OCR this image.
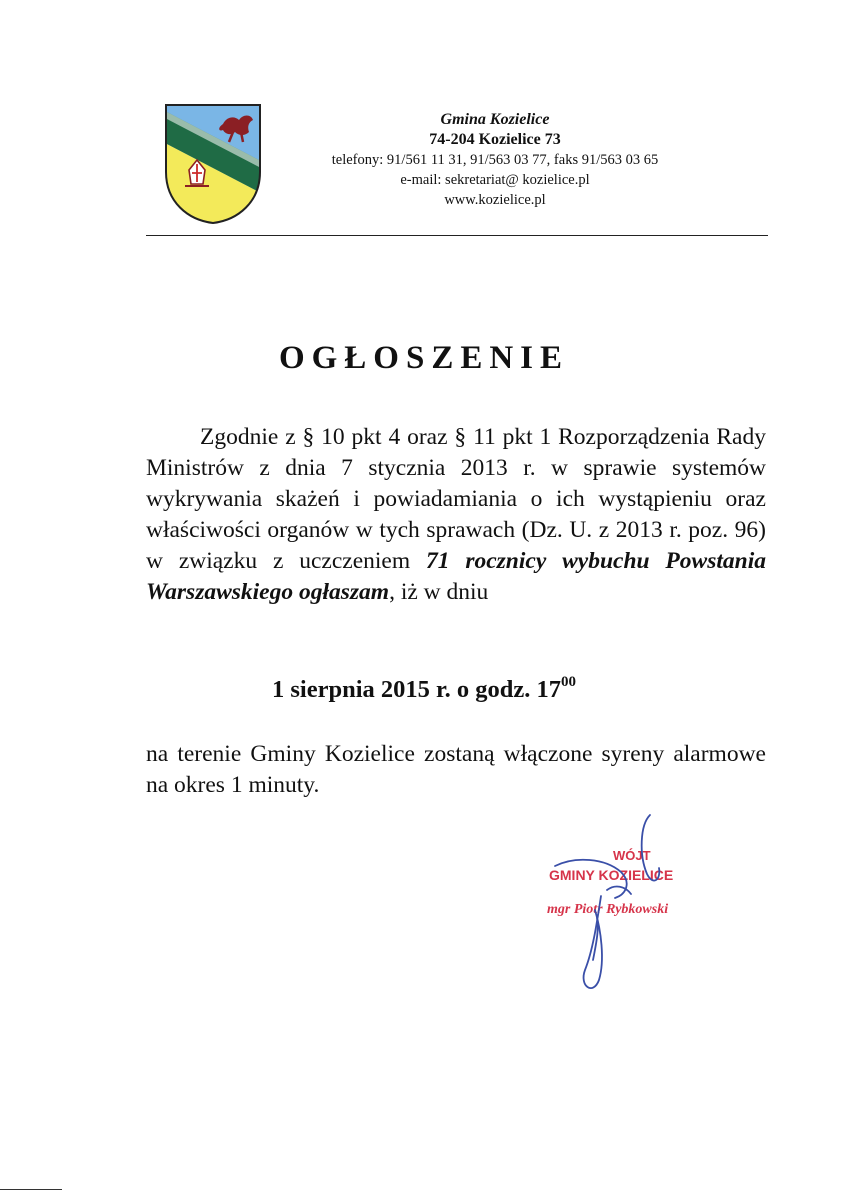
Gmina Kozielice
74-204 Kozielice 73
telefony: 91/561 11 31, 91/563 03 77, faks 91/563 03 65
e-mail: sekretariat@ kozielice.pl
www.kozielice.pl
OGŁOSZENIE

Zgodnie z § 10 pkt 4 oraz § 11 pkt 1 Rozporządzenia Rady Ministrów z dnia 7 stycznia 2013 r. w sprawie systemów wykrywania skażeń i powiadamiania o ich wystąpieniu oraz właściwości organów w tych sprawach (Dz. U. z 2013 r. poz. 96) w związku z uczczeniem 71 rocznicy wybuchu Powstania Warszawskiego ogłaszam, iż w dniu

1 sierpnia 2015 r. o godz. $17^{00}$

na terenie Gminy Kozielice zostaną włączone syreny alarmowe na okres 1 minuty.

WÓJT
GMINY KOZIELICE
mgr Piotr Rybkowski
